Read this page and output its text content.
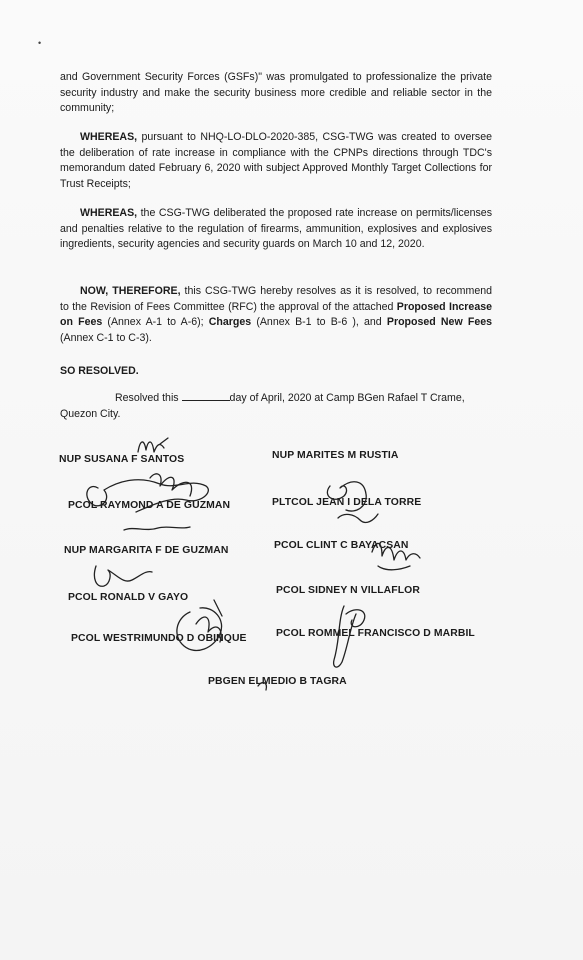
•
and Government Security Forces (GSFs)" was promulgated to professionalize the private security industry and make the security business more credible and reliable sector in the community;
WHEREAS, pursuant to NHQ-LO-DLO-2020-385, CSG-TWG was created to oversee the deliberation of rate increase in compliance with the CPNPs directions through TDC's memorandum dated February 6, 2020 with subject Approved Monthly Target Collections for Trust Receipts;
WHEREAS, the CSG-TWG deliberated the proposed rate increase on permits/licenses and penalties relative to the regulation of firearms, ammunition, explosives and explosives ingredients, security agencies and security guards on March 10 and 12, 2020.
NOW, THEREFORE, this CSG-TWG hereby resolves as it is resolved, to recommend to the Revision of Fees Committee (RFC) the approval of the attached Proposed Increase on Fees (Annex A-1 to A-6); Charges (Annex B-1 to B-6 ), and Proposed New Fees (Annex C-1 to C-3).
SO RESOLVED.
Resolved this	day of April, 2020 at Camp BGen Rafael T Crame, Quezon City.
NUP SUSANA F SANTOS	NUP MARITES M RUSTIA
PCOL RAYMOND A DE GUZMAN	PLTCOL JEAN I DELA TORRE
NUP MARGARITA F DE GUZMAN	PCOL CLINT C BAYACSAN
PCOL RONALD V GAYO
PCOL SIDNEY N VILLAFLOR
PCOL WESTRIMUNDO D OBINQUE	PCOL ROMMEL FRANCISCO D MARBIL
PBGEN ELMEDIO B TAGRA
